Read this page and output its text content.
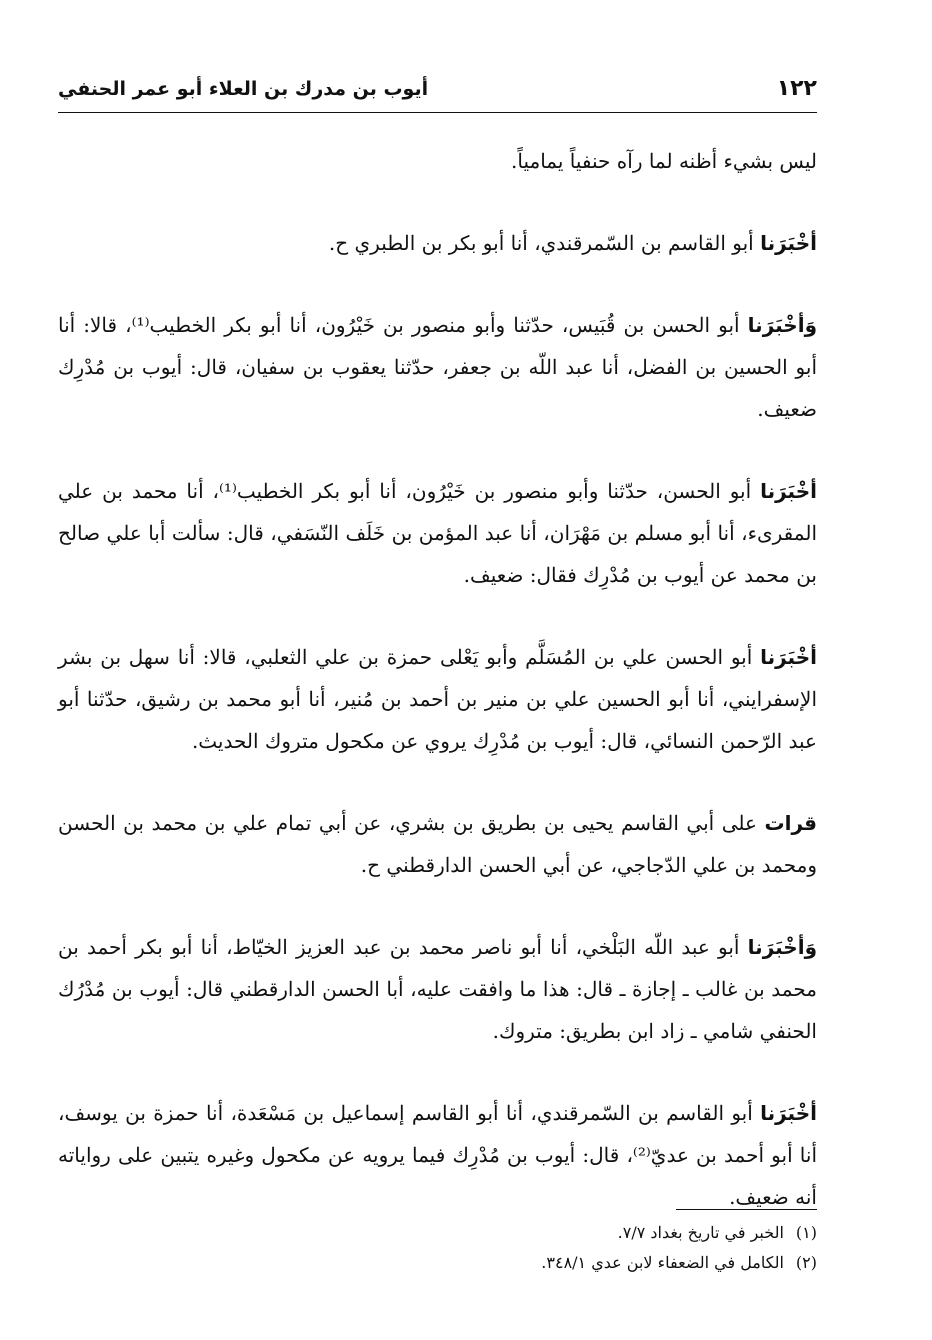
١٢٢
أيوب بن مدرك بن العلاء أبو عمر الحنفي

ليس بشيء أظنه لما رآه حنفياً يمامياً.

أخْبَرَنا أبو القاسم بن السّمرقندي، أنا أبو بكر بن الطبري ح.

وَأخْبَرَنا أبو الحسن بن قُبَيس، حدّثنا وأبو منصور بن خَيْرُون، أنا أبو بكر الخطيب⁽¹⁾، قالا: أنا أبو الحسين بن الفضل، أنا عبد اللّه بن جعفر، حدّثنا يعقوب بن سفيان، قال: أيوب بن مُدْرِك ضعيف.

أخْبَرَنا أبو الحسن، حدّثنا وأبو منصور بن خَيْرُون، أنا أبو بكر الخطيب⁽¹⁾، أنا محمد بن علي المقرىء، أنا أبو مسلم بن مَهْرَان، أنا عبد المؤمن بن خَلَف النّسَفي، قال: سألت أبا علي صالح بن محمد عن أيوب بن مُدْرِك فقال: ضعيف.

أخْبَرَنا أبو الحسن علي بن المُسَلَّم وأبو يَعْلى حمزة بن علي الثعلبي، قالا: أنا سهل بن بشر الإسفرايني، أنا أبو الحسين علي بن منير بن أحمد بن مُنير، أنا أبو محمد بن رشيق، حدّثنا أبو عبد الرّحمن النسائي، قال: أيوب بن مُدْرِك يروي عن مكحول متروك الحديث.

قرات على أبي القاسم يحيى بن بطريق بن بشري، عن أبي تمام علي بن محمد بن الحسن ومحمد بن علي الدّجاجي، عن أبي الحسن الدارقطني ح.

وَأخْبَرَنا أبو عبد اللّه البَلْخي، أنا أبو ناصر محمد بن عبد العزيز الخيّاط، أنا أبو بكر أحمد بن محمد بن غالب ـ إجازة ـ قال: هذا ما وافقت عليه، أبا الحسن الدارقطني قال: أيوب بن مُدْرُك الحنفي شامي ـ زاد ابن بطريق: متروك.

أخْبَرَنا أبو القاسم بن السّمرقندي، أنا أبو القاسم إسماعيل بن مَسْعَدة، أنا حمزة بن يوسف، أنا أبو أحمد بن عديّ⁽²⁾، قال: أيوب بن مُدْرِك فيما يرويه عن مكحول وغيره يتبين على رواياته أنه ضعيف.

(١)الخبر في تاريخ بغداد ٧/٧.
(٢)الكامل في الضعفاء لابن عدي ٣٤٨/١.
